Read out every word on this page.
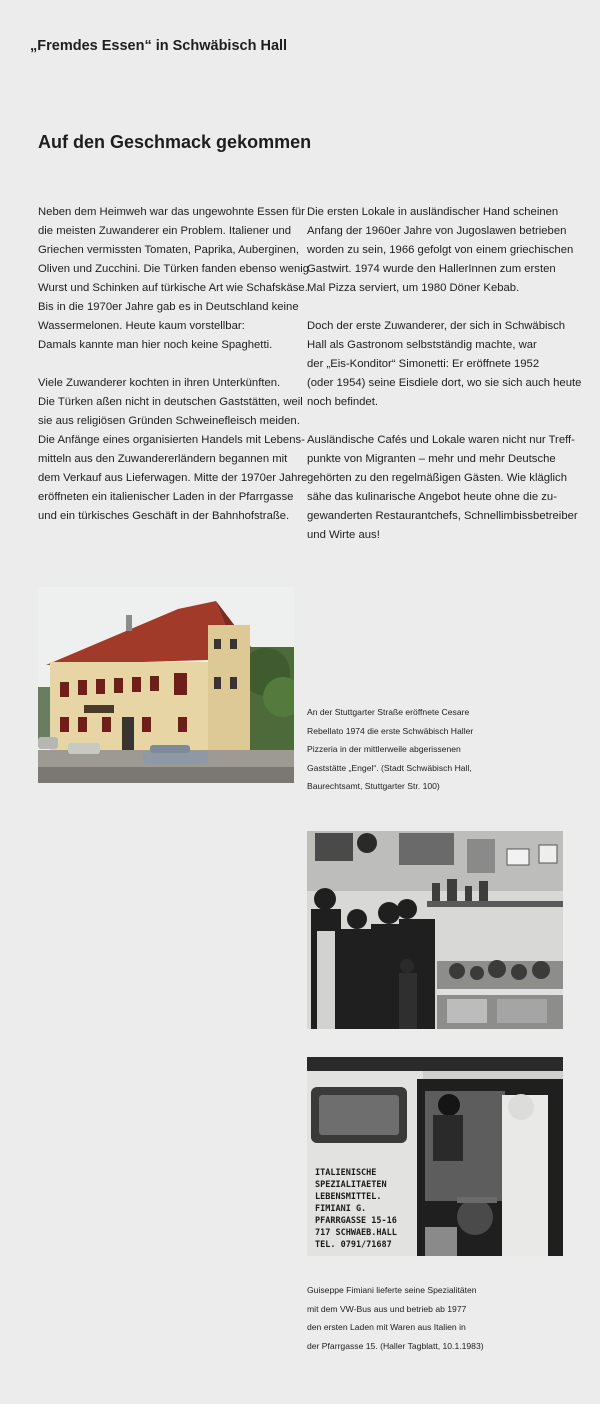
„Fremdes Essen“ in Schwäbisch Hall
Auf den Geschmack gekommen

Neben dem Heimweh war das ungewohnte Essen für
die meisten Zuwanderer ein Problem. Italiener und
Griechen vermissten Tomaten, Paprika, Auberginen,
Oliven und Zucchini. Die Türken fanden ebenso wenig
Wurst und Schinken auf türkische Art wie Schafskäse.
Bis in die 1970er Jahre gab es in Deutschland keine
Wassermelonen. Heute kaum vorstellbar:
Damals kannte man hier noch keine Spaghetti.

Viele Zuwanderer kochten in ihren Unterkünften.
Die Türken aßen nicht in deutschen Gaststätten, weil
sie aus religiösen Gründen Schweinefleisch meiden.
Die Anfänge eines organisierten Handels mit Lebens-
mitteln aus den Zuwandererländern begannen mit
dem Verkauf aus Lieferwagen. Mitte der 1970er Jahre
eröffneten ein italienischer Laden in der Pfarrgasse
und ein türkisches Geschäft in der Bahnhofstraße.

Die ersten Lokale in ausländischer Hand scheinen
Anfang der 1960er Jahre von Jugoslawen betrieben
worden zu sein, 1966 gefolgt von einem griechischen
Gastwirt. 1974 wurde den HallerInnen zum ersten
Mal Pizza serviert, um 1980 Döner Kebab.

Doch der erste Zuwanderer, der sich in Schwäbisch
Hall als Gastronom selbstständig machte, war
der „Eis-Konditor“ Simonetti: Er eröffnete 1952
(oder 1954) seine Eisdiele dort, wo sie sich auch heute
noch befindet.

Ausländische Cafés und Lokale waren nicht nur Treff-
punkte von Migranten – mehr und mehr Deutsche
gehörten zu den regelmäßigen Gästen. Wie kläglich
sähe das kulinarische Angebot heute ohne die zu-
gewanderten Restaurantchefs, Schnellimbissbetreiber
und Wirte aus!

An der Stuttgarter Straße eröffnete Cesare
Rebellato 1974 die erste Schwäbisch Haller
Pizzeria in der mittlerweile abgerissenen
Gaststätte „Engel“. (Stadt Schwäbisch Hall,
Baurechtsamt, Stuttgarter Str. 100)
ITALIENISCHE
SPEZIALITAETEN
LEBENSMITTEL.
FIMIANI G.
PFARRGASSE 15-16
717 SCHWAEB.HALL
TEL. 0791/71687
Guiseppe Fimiani lieferte seine Spezialitäten
mit dem VW-Bus aus und betrieb ab 1977
den ersten Laden mit Waren aus Italien in
der Pfarrgasse 15. (Haller Tagblatt, 10.1.1983)
